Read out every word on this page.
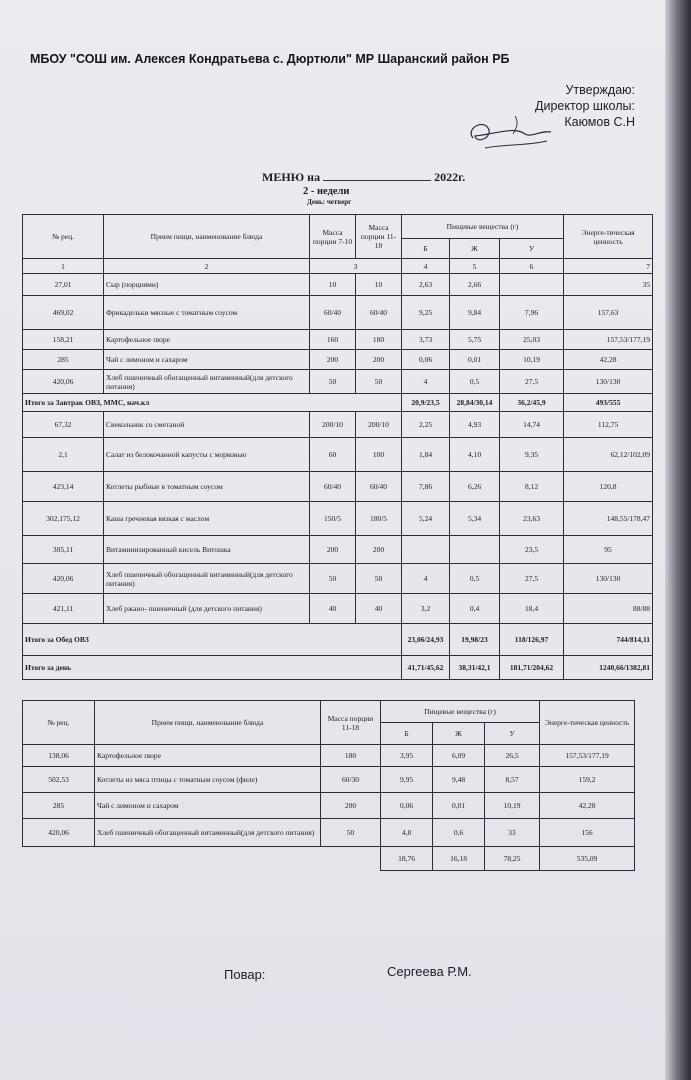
МБОУ "СОШ им. Алексея Кондратьева с. Дюртюли" МР Шаранский район РБ
Утверждаю:
Директор школы:
Каюмов С.Н
МЕНЮ на	2022г.
2 - недели
День: четверг
№ рец.	Прием пищи, наименование блюда	Масса порции 7-10	Масса порции 11-18	Пищевые вещества (г)			Энерге-тическая ценность
				Б	Ж	У	
1	2	3		4	5	6	7
27,01	Сыр (порциями)	10	10	2,63	2,66		35
469,02	Фрикадельки мясные с томатным соусом	60/40	60/40	9,25	9,84	7,96	157,63
158,21	Картофельное пюре	160	180	3,73	5,75	25,03	157,53/177,19
285	Чай с лимоном и сахаром	200	200	0,06	0,01	10,19	42,28
420,06	Хлеб пшеничный обогащенный витаминный(для детского питания)	50	50	4	0,5	27,5	130/130
Итого за Завтрак ОВЗ, ММС, нач.кл				20,9/23,5	28,84/30,14	36,2/45,9	493/555
67,32	Свекольник со сметаной	200/10	200/10	2,25	4,93	14,74	112,75
2,1	Салат из белокочанной капусты с морковью	60	100	1,84	4,10	9,35	62,12/102,09
423,14	Котлеты рыбные в томатным соусом	60/40	60/40	7,86	6,26	8,12	120,8
302,175,12	Каша гречневая вязкая с маслом	150/5	180/5	5,24	5,34	23,63	148,55/178,47
305,11	Витаминизированный кисель Витошка	200	200			23,5	95
420,06	Хлеб пшеничный обогащенный витаминный(для детского питания)	50	50	4	0,5	27,5	130/130
421,11	Хлеб ржано- пшеничный (для детского питания)	40	40	3,2	0,4	18,4	88/88
Итого за Обед ОВЗ				23,06/24,93	19,98/23	118/126,97	744/814,11
Итого за день				41,71/45,62	38,31/42,1	181,71/204,62	1240,66/1382,81
№ рец.	Прием пищи, наименование блюда	Масса порции 11-18	Пищевые вещества (г)			Энерге-тическая ценность
			Б	Ж	У	
138,06	Картофельное пюре	180	3,95	6,09	26,5	157,53/177,19
502,53	Котлеты из мяса птицы с томатным соусом (филе)	60/30	9,95	9,48	8,57	159,2
285	Чай с лимоном и сахаром	200	0,06	0,01	10,19	42,28
420,06	Хлеб пшеничный обогащенный витаминный(для детского питания)	50	4,8	0,6	33	156
			18,76	16,18	78,25	535,09
Повар:	Сергеева Р.М.
